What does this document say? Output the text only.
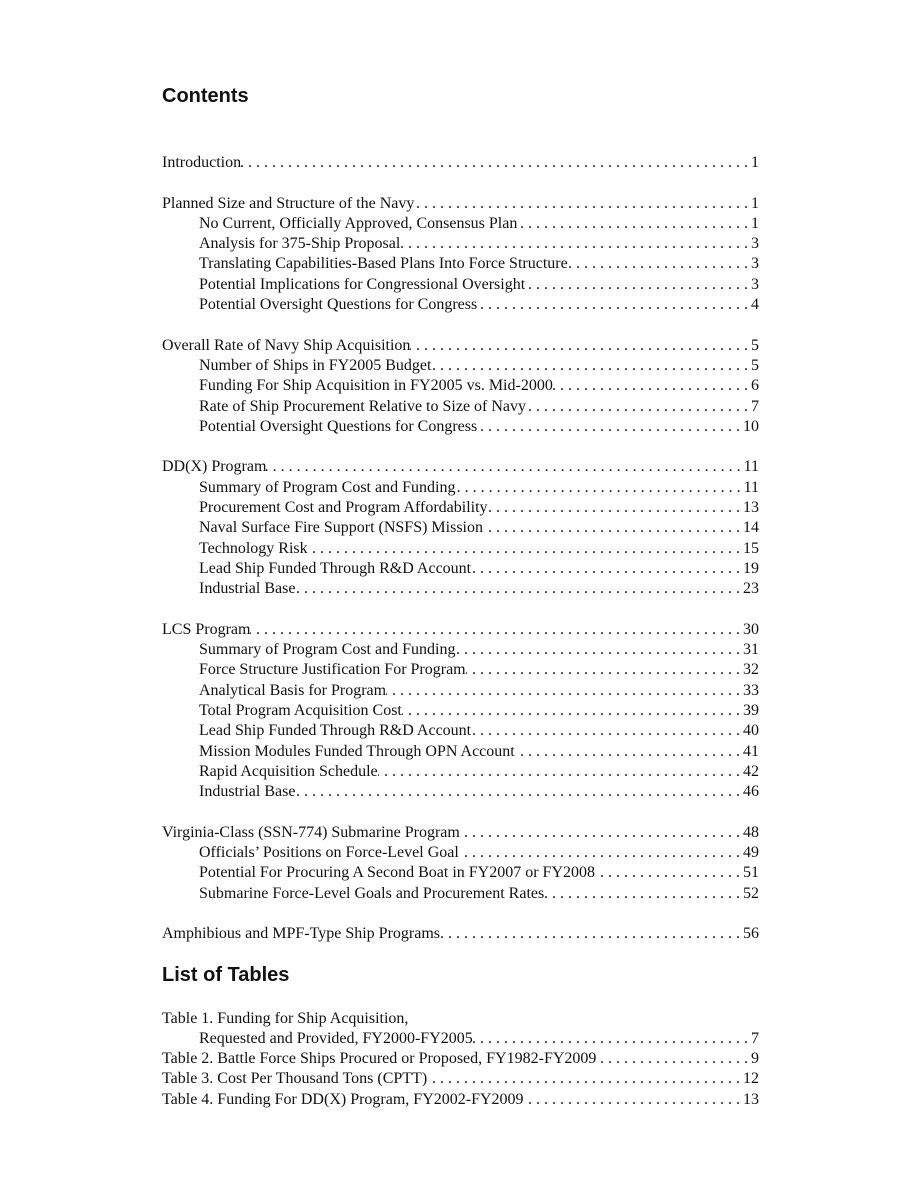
Contents
Introduction . . .	1
Planned Size and Structure of the Navy . . .	1
No Current, Officially Approved, Consensus Plan . . .	1
Analysis for 375-Ship Proposal . . .	3
Translating Capabilities-Based Plans Into Force Structure . . .	3
Potential Implications for Congressional Oversight . . .	3
Potential Oversight Questions for Congress . . .	4
Overall Rate of Navy Ship Acquisition . . .	5
Number of Ships in FY2005 Budget . . .	5
Funding For Ship Acquisition in FY2005 vs. Mid-2000 . . .	6
Rate of Ship Procurement Relative to Size of Navy . . .	7
Potential Oversight Questions for Congress . . .	10
DD(X) Program . . .	11
Summary of Program Cost and Funding . . .	11
Procurement Cost and Program Affordability . . .	13
Naval Surface Fire Support (NSFS) Mission . . .	14
Technology Risk . . .	15
Lead Ship Funded Through R&D Account . . .	19
Industrial Base . . .	23
LCS Program . . .	30
Summary of Program Cost and Funding . . .	31
Force Structure Justification For Program . . .	32
Analytical Basis for Program . . .	33
Total Program Acquisition Cost . . .	39
Lead Ship Funded Through R&D Account . . .	40
Mission Modules Funded Through OPN Account . . .	41
Rapid Acquisition Schedule . . .	42
Industrial Base . . .	46
Virginia-Class (SSN-774) Submarine Program . . .	48
Officials’ Positions on Force-Level Goal . . .	49
Potential For Procuring A Second Boat in FY2007 or FY2008 . . .	51
Submarine Force-Level Goals and Procurement Rates . . .	52
Amphibious and MPF-Type Ship Programs . . .	56
List of Tables
Table 1. Funding for Ship Acquisition,
Requested and Provided, FY2000-FY2005 . . .	7
Table 2. Battle Force Ships Procured or Proposed, FY1982-FY2009 . . .	9
Table 3. Cost Per Thousand Tons (CPTT) . . .	12
Table 4. Funding For DD(X) Program, FY2002-FY2009 . . .	13
